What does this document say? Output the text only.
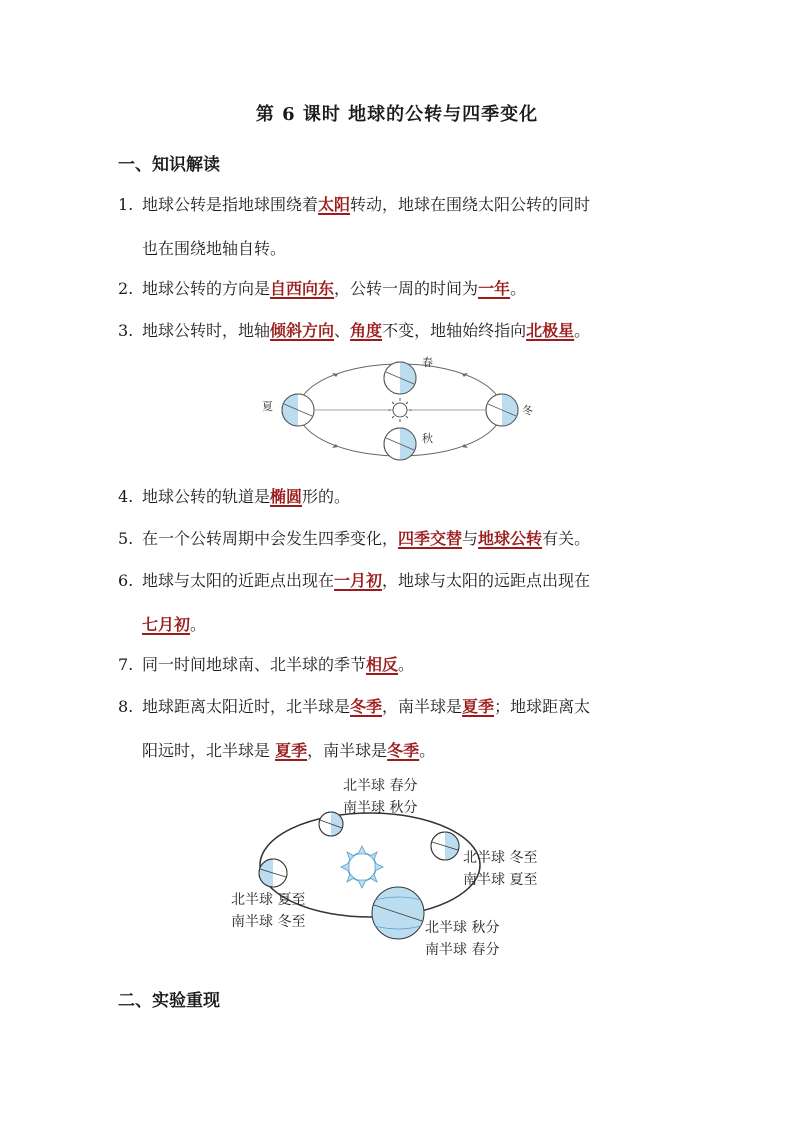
第 6 课时 地球的公转与四季变化
一、知识解读
1. 地球公转是指地球围绕着太阳转动，地球在围绕太阳公转的同时
也在围绕地轴自转。
2. 地球公转的方向是自西向东，公转一周的时间为一年。
3. 地球公转时，地轴倾斜方向、角度不变，地轴始终指向北极星。
春
夏
秋
冬
4. 地球公转的轨道是椭圆形的。
5. 在一个公转周期中会发生四季变化，四季交替与地球公转有关。
6. 地球与太阳的近距点出现在一月初，地球与太阳的远距点出现在
七月初。
7. 同一时间地球南、北半球的季节相反。
8. 地球距离太阳近时，北半球是冬季，南半球是夏季；地球距离太
阳远时，北半球是 夏季，南半球是冬季。
北半球 春分
南半球 秋分
北半球 冬至
南半球 夏至
北半球 夏至
南半球 冬至	北半球 秋分
南半球 春分
二、实验重现
